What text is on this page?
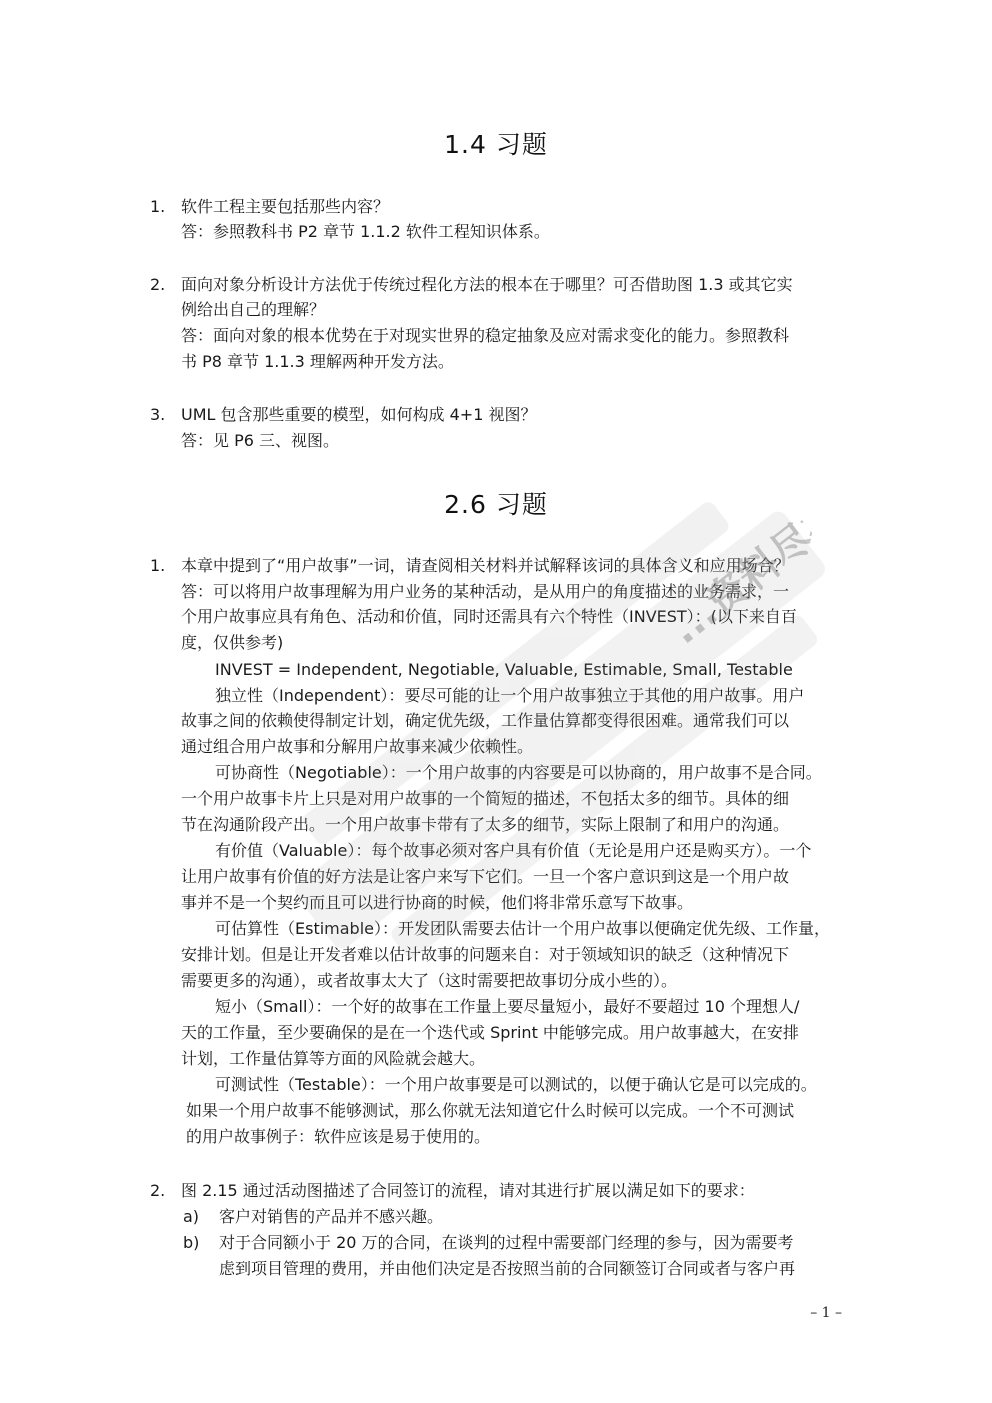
1.4 习题
1. 软件工程主要包括那些内容？
答：参照教科书 P2 章节 1.1.2 软件工程知识体系。
2. 面向对象分析设计方法优于传统过程化方法的根本在于哪里？可否借助图 1.3 或其它实
例给出自己的理解？
答：面向对象的根本优势在于对现实世界的稳定抽象及应对需求变化的能力。参照教科
书 P8 章节 1.1.3 理解两种开发方法。
3. UML 包含那些重要的模型，如何构成 4+1 视图？
答：见 P6 三、视图。
2.6 习题
1. 本章中提到了“用户故事”一词，请查阅相关材料并试解释该词的具体含义和应用场合？
答：可以将用户故事理解为用户业务的某种活动，是从用户的角度描述的业务需求，一
个用户故事应具有角色、活动和价值，同时还需具有六个特性（INVEST）：(以下来自百
度，仅供参考)
INVEST = Independent, Negotiable, Valuable, Estimable, Small, Testable
独立性（Independent）：要尽可能的让一个用户故事独立于其他的用户故事。用户
故事之间的依赖使得制定计划，确定优先级，工作量估算都变得很困难。通常我们可以
通过组合用户故事和分解用户故事来减少依赖性。
可协商性（Negotiable）：一个用户故事的内容要是可以协商的，用户故事不是合同。
一个用户故事卡片上只是对用户故事的一个简短的描述，不包括太多的细节。具体的细
节在沟通阶段产出。一个用户故事卡带有了太多的细节，实际上限制了和用户的沟通。
有价值（Valuable）：每个故事必须对客户具有价值（无论是用户还是购买方）。一个
让用户故事有价值的好方法是让客户来写下它们。一旦一个客户意识到这是一个用户故
事并不是一个契约而且可以进行协商的时候，他们将非常乐意写下故事。
可估算性（Estimable）：开发团队需要去估计一个用户故事以便确定优先级、工作量，
安排计划。但是让开发者难以估计故事的问题来自：对于领域知识的缺乏（这种情况下
需要更多的沟通），或者故事太大了（这时需要把故事切分成小些的）。
短小（Small）：一个好的故事在工作量上要尽量短小，最好不要超过 10 个理想人/
天的工作量，至少要确保的是在一个迭代或 Sprint 中能够完成。用户故事越大，在安排
计划，工作量估算等方面的风险就会越大。
可测试性（Testable）：一个用户故事要是可以测试的，以便于确认它是可以完成的。
如果一个用户故事不能够测试，那么你就无法知道它什么时候可以完成。一个不可测试
的用户故事例子：软件应该是易于使用的。
2. 图 2.15 通过活动图描述了合同签订的流程，请对其进行扩展以满足如下的要求：
a) 客户对销售的产品并不感兴趣。
b) 对于合同额小于 20 万的合同，在谈判的过程中需要部门经理的参与，因为需要考
虑到项目管理的费用，并由他们决定是否按照当前的合同额签订合同或者与客户再
– 1 –
...资料尽在
